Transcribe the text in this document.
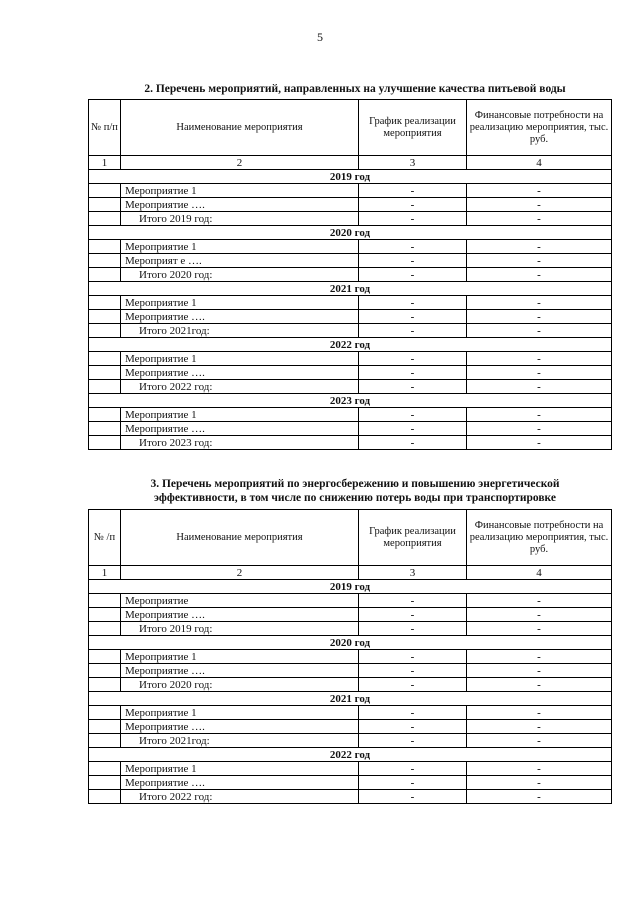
5
2. Перечень мероприятий, направленных на улучшение качества питьевой воды
№ п/п	Наименование мероприятия	График реализации мероприятия	Финансовые потребности на реализацию мероприятия, тыс. руб.
1	2	3	4
2019 год			
	Мероприятие 1	-	-
	Мероприятие ….	-	-
	Итого 2019 год:	-	-
2020 год			
	Мероприятие 1	-	-
	Мероприят е ….	-	-
	Итого 2020 год:	-	-
2021 год			
	Мероприятие 1	-	-
	Мероприятие ….	-	-
	Итого 2021год:	-	-
2022 год			
	Мероприятие 1	-	-
	Мероприятие ….	-	-
	Итого 2022 год:	-	-
2023 год			
	Мероприятие 1	-	-
	Мероприятие ….	-	-
	Итого 2023 год:	-	-
3. Перечень мероприятий по энергосбережению и повышению энергетической
эффективности, в том числе по снижению потерь воды при транспортировке
№ /п	Наименование мероприятия	График реализации мероприятия	Финансовые потребности на реализацию мероприятия, тыс. руб.
1	2	3	4
2019 год			
	Мероприятие	-	-
	Мероприятие ….	-	-
	Итого 2019 год:	-	-
2020 год			
	Мероприятие 1	-	-
	Мероприятие ….	-	-
	Итого 2020 год:	-	-
2021 год			
	Мероприятие 1	-	-
	Мероприятие ….	-	-
	Итого 2021год:	-	-
2022 год			
	Мероприятие 1	-	-
	Мероприятие ….	-	-
	Итого 2022 год:	-	-
